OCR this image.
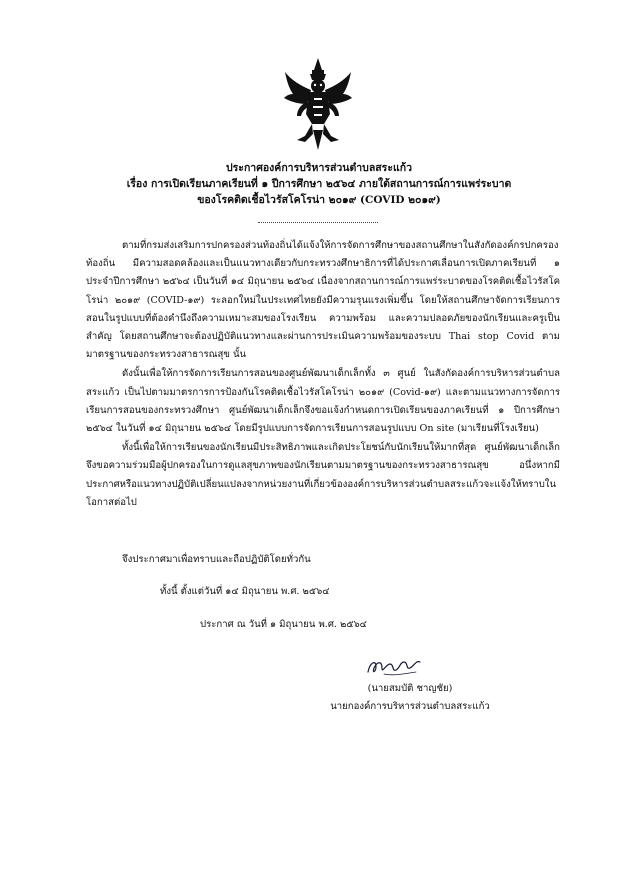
ประกาศองค์การบริหารส่วนตำบลสระแก้ว
เรื่อง การเปิดเรียนภาคเรียนที่ ๑ ปีการศึกษา ๒๕๖๔ ภายใต้สถานการณ์การแพร่ระบาด
ของโรคติดเชื้อไวรัสโคโรน่า ๒๐๑๙ (COVID ๒๐๑๙)

ตามที่กรมส่งเสริมการปกครองส่วนท้องถิ่นได้แจ้งให้การจัดการศึกษาของสถานศึกษาในสังกัดองค์กรปกครองท้องถิ่น มีความสอดคล้องและเป็นแนวทางเดียวกับกระทรวงศึกษาธิการที่ได้ประกาศเลื่อนการเปิดภาคเรียนที่ ๑ ประจำปีการศึกษา ๒๕๖๔ เป็นวันที่ ๑๔ มิถุนายน ๒๕๖๔ เนื่องจากสถานการณ์การแพร่ระบาดของโรคติดเชื้อไวรัสโคโรน่า ๒๐๑๙ (COVID-๑๙) ระลอกใหม่ในประเทศไทยยังมีความรุนแรงเพิ่มขึ้น โดยให้สถานศึกษาจัดการเรียนการสอนในรูปแบบที่ต้องคำนึงถึงความเหมาะสมของโรงเรียน ความพร้อม และความปลอดภัยของนักเรียนและครูเป็นสำคัญ โดยสถานศึกษาจะต้องปฏิบัติแนวทางและผ่านการประเมินความพร้อมของระบบ Thai stop Covid ตามมาตรฐานของกระทรวงสาธารณสุข นั้น

ดังนั้นเพื่อให้การจัดการเรียนการสอนของศูนย์พัฒนาเด็กเล็กทั้ง ๓ ศูนย์ ในสังกัดองค์การบริหารส่วนตำบลสระแก้ว เป็นไปตามมาตรการการป้องกันโรคติดเชื้อไวรัสโคโรน่า ๒๐๑๙ (Covid-๑๙) และตามแนวทางการจัดการเรียนการสอนของกระทรวงศึกษา ศูนย์พัฒนาเด็กเล็กจึงขอแจ้งกำหนดการเปิดเรียนของภาคเรียนที่ ๑ ปีการศึกษา ๒๕๖๔ ในวันที่ ๑๔ มิถุนายน ๒๕๖๔ โดยมีรูปแบบการจัดการเรียนการสอนรูปแบบ On site (มาเรียนที่โรงเรียน)

ทั้งนี้เพื่อให้การเรียนของนักเรียนมีประสิทธิภาพและเกิดประโยชน์กับนักเรียนให้มากที่สุด ศูนย์พัฒนาเด็กเล็กจึงขอความร่วมมือผู้ปกครองในการดูแลสุขภาพของนักเรียนตามมาตรฐานของกระทรวงสาธารณสุข อนึ่งหากมีประกาศหรือแนวทางปฏิบัติเปลี่ยนแปลงจากหน่วยงานที่เกี่ยวข้ององค์การบริหารส่วนตำบลสระแก้วจะแจ้งให้ทราบในโอกาสต่อไป

จึงประกาศมาเพื่อทราบและถือปฏิบัติโดยทั่วกัน
ทั้งนี้ ตั้งแต่วันที่ ๑๔ มิถุนายน พ.ศ. ๒๕๖๔
ประกาศ ณ วันที่ ๑ มิถุนายน พ.ศ. ๒๕๖๔
(นายสมบัติ ชาญชัย)
นายกองค์การบริหารส่วนตำบลสระแก้ว
